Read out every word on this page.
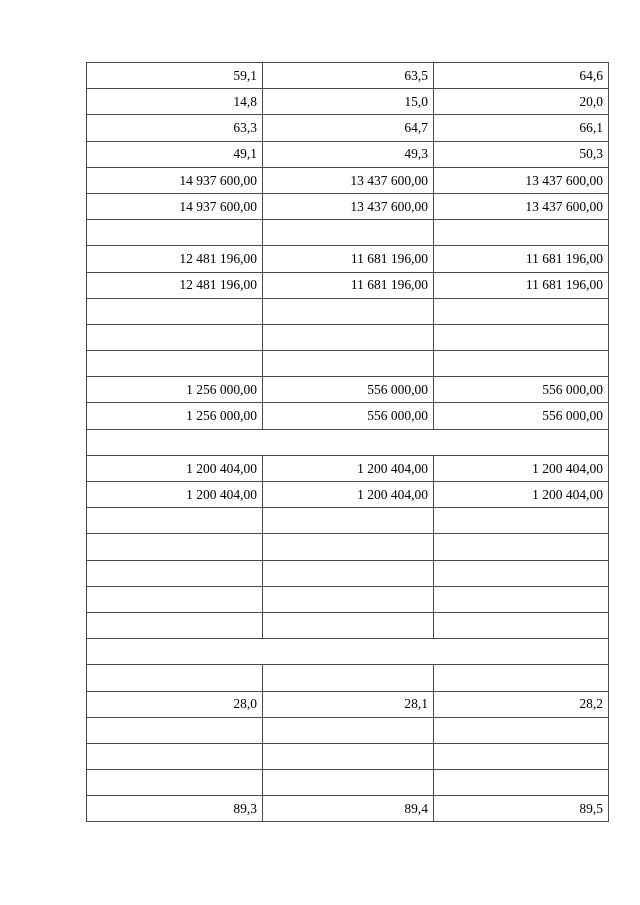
59,1	63,5	64,6
14,8	15,0	20,0
63,3	64,7	66,1
49,1	49,3	50,3
14 937 600,00	13 437 600,00	13 437 600,00
14 937 600,00	13 437 600,00	13 437 600,00

12 481 196,00	11 681 196,00	11 681 196,00
12 481 196,00	11 681 196,00	11 681 196,00

1 256 000,00	556 000,00	556 000,00
1 256 000,00	556 000,00	556 000,00

1 200 404,00	1 200 404,00	1 200 404,00
1 200 404,00	1 200 404,00	1 200 404,00

28,0	28,1	28,2

89,3	89,4	89,5
